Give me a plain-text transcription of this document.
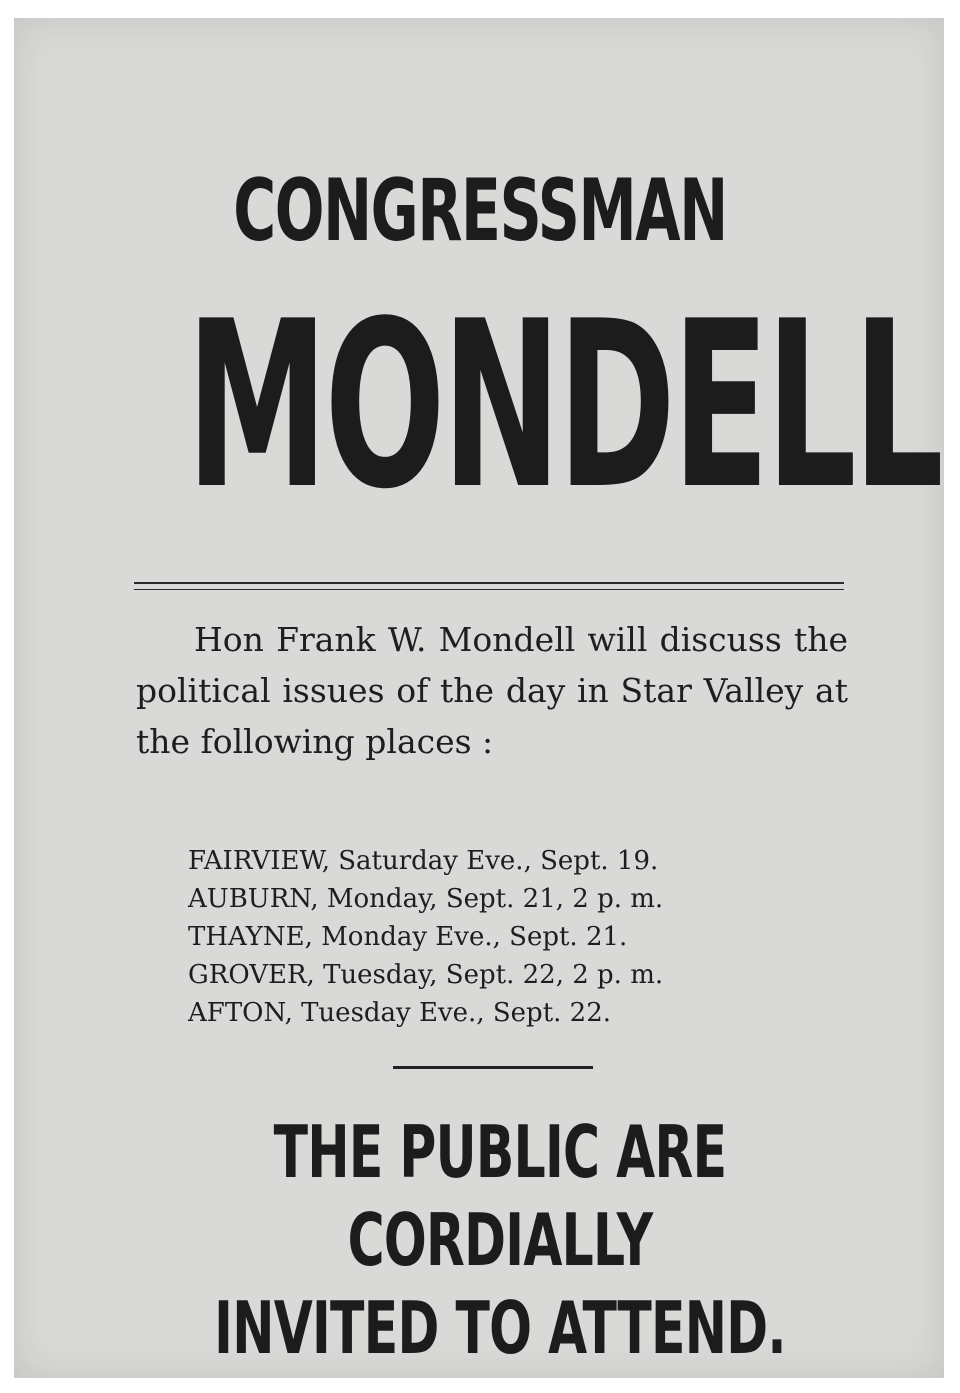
CONGRESSMAN
MONDELL

Hon Frank W. Mondell will discuss the political issues of the day in Star Valley at the following places :

FAIRVIEW, Saturday Eve., Sept. 19.
AUBURN, Monday, Sept. 21, 2 p. m.
THAYNE, Monday Eve., Sept. 21.
GROVER, Tuesday, Sept. 22, 2 p. m.
AFTON, Tuesday Eve., Sept. 22.
THE PUBLIC ARE CORDIALLY
INVITED TO ATTEND.
